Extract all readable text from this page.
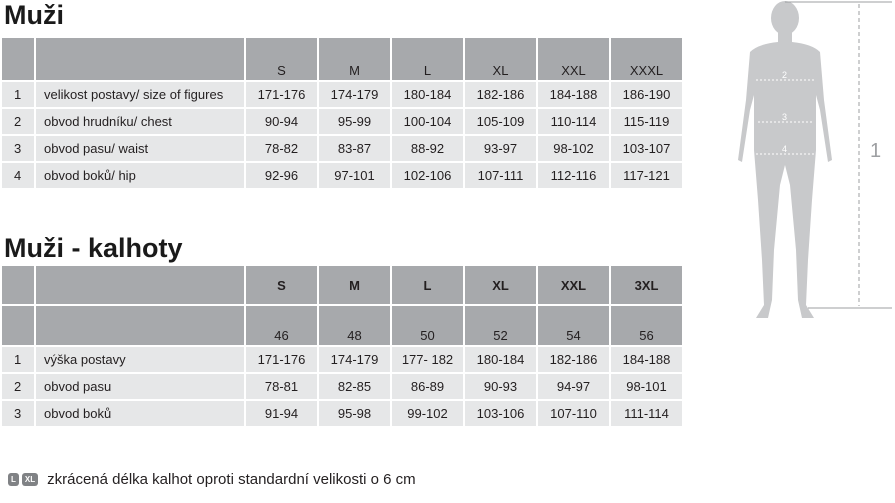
Muži
		S	M	L	XL	XXL	XXXL
1	velikost postavy/ size of figures	171-176	174-179	180-184	182-186	184-188	186-190
2	obvod hrudníku/ chest	90-94	95-99	100-104	105-109	110-114	115-119
3	obvod pasu/ waist	78-82	83-87	88-92	93-97	98-102	103-107
4	obvod boků/ hip	92-96	97-101	102-106	107-111	112-116	117-121
Muži - kalhoty
		S	M	L	XL	XXL	3XL
		46	48	50	52	54	56
1	výška postavy	171-176	174-179	177- 182	180-184	182-186	184-188
2	obvod pasu	78-81	82-85	86-89	90-93	94-97	98-101
3	obvod boků	91-94	95-98	99-102	103-106	107-110	111-114
L	XL zkrácená délka kalhot oproti standardní velikosti o 6 cm
1
2
3
4
